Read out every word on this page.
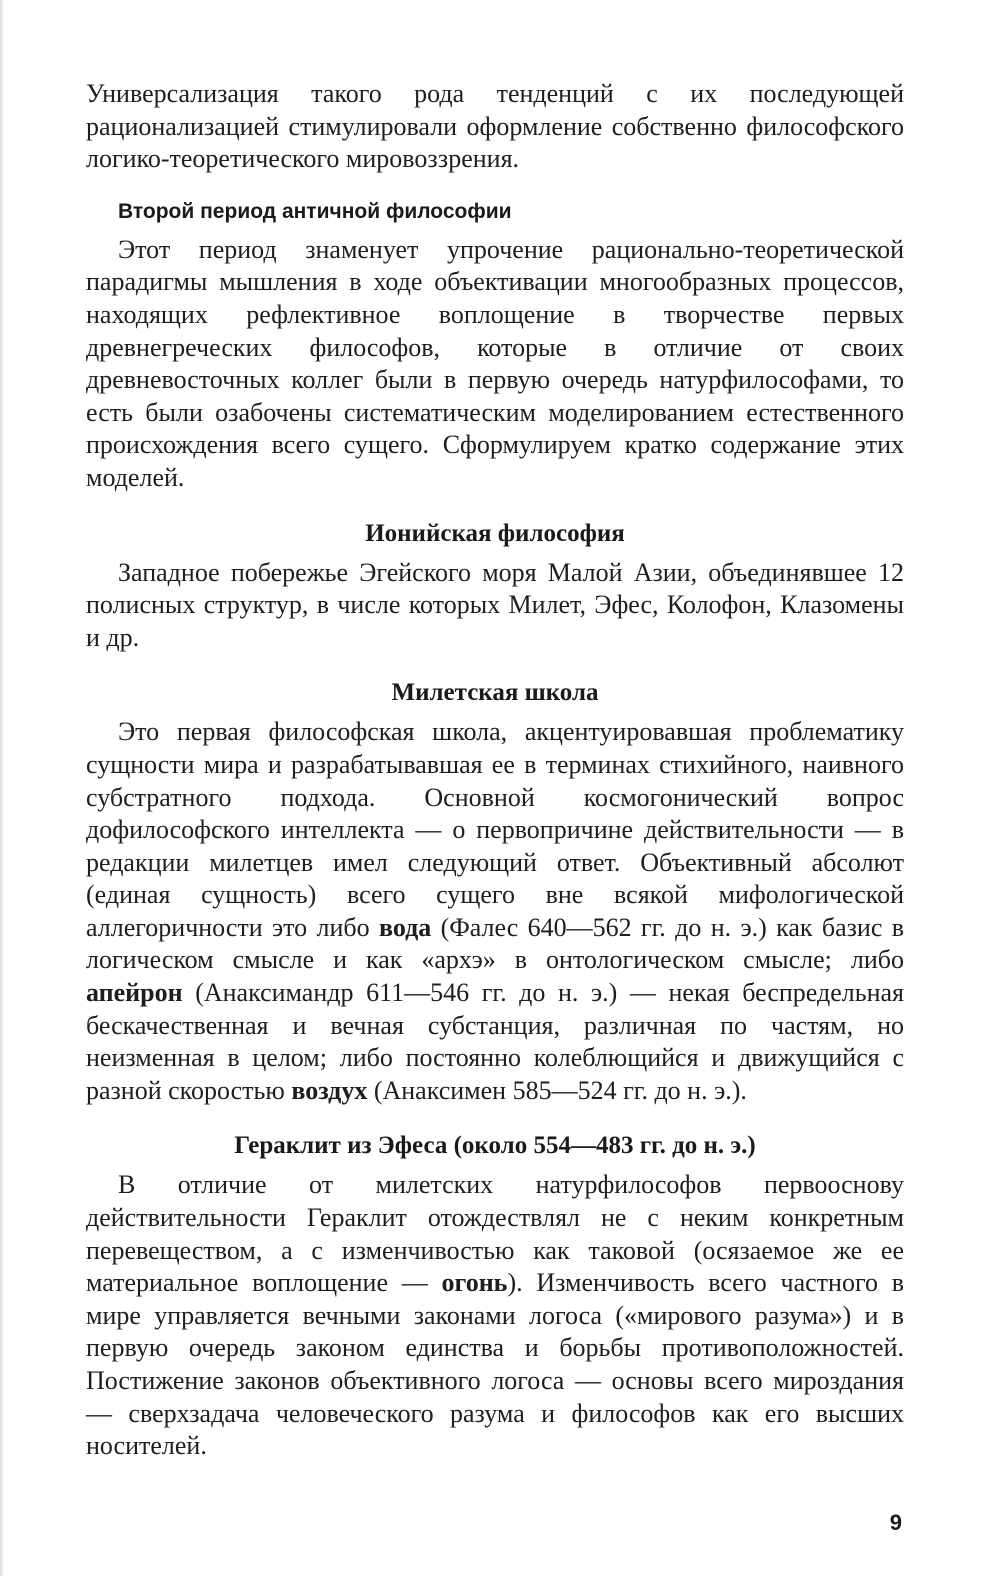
Универсализация такого рода тенденций с их последующей рационализацией стимулировали оформление собственно философского логико-теоретического мировоззрения.

Второй период античной философии

Этот период знаменует упрочение рационально-теоретической парадигмы мышления в ходе объективации многообразных процессов, находящих рефлективное воплощение в творчестве первых древнегреческих философов, которые в отличие от своих древневосточных коллег были в первую очередь натурфилософами, то есть были озабочены систематическим моделированием естественного происхождения всего сущего. Сформулируем кратко содержание этих моделей.

Ионийская философия

Западное побережье Эгейского моря Малой Азии, объединявшее 12 полисных структур, в числе которых Милет, Эфес, Колофон, Клазомены и др.

Милетская школа

Это первая философская школа, акцентуировавшая проблематику сущности мира и разрабатывавшая ее в терминах стихийного, наивного субстратного подхода. Основной космогонический вопрос дофилософского интеллекта — о первопричине действительности — в редакции милетцев имел следующий ответ. Объективный абсолют (единая сущность) всего сущего вне всякой мифологической аллегоричности это либо вода (Фалес 640—562 гг. до н. э.) как базис в логическом смысле и как «архэ» в онтологическом смысле; либо апейрон (Анаксимандр 611—546 гг. до н. э.) — некая беспредельная бескачественная и вечная субстанция, различная по частям, но неизменная в целом; либо постоянно колеблющийся и движущийся с разной скоростью воздух (Анаксимен 585—524 гг. до н. э.).

Гераклит из Эфеса (около 554—483 гг. до н. э.)

В отличие от милетских натурфилософов первооснову действительности Гераклит отождествлял не с неким конкретным перевеществом, а с изменчивостью как таковой (осязаемое же ее материальное воплощение — огонь). Изменчивость всего частного в мире управляется вечными законами логоса («мирового разума») и в первую очередь законом единства и борьбы противоположностей. Постижение законов объективного логоса — основы всего мироздания — сверхзадача человеческого разума и философов как его высших носителей.

9
